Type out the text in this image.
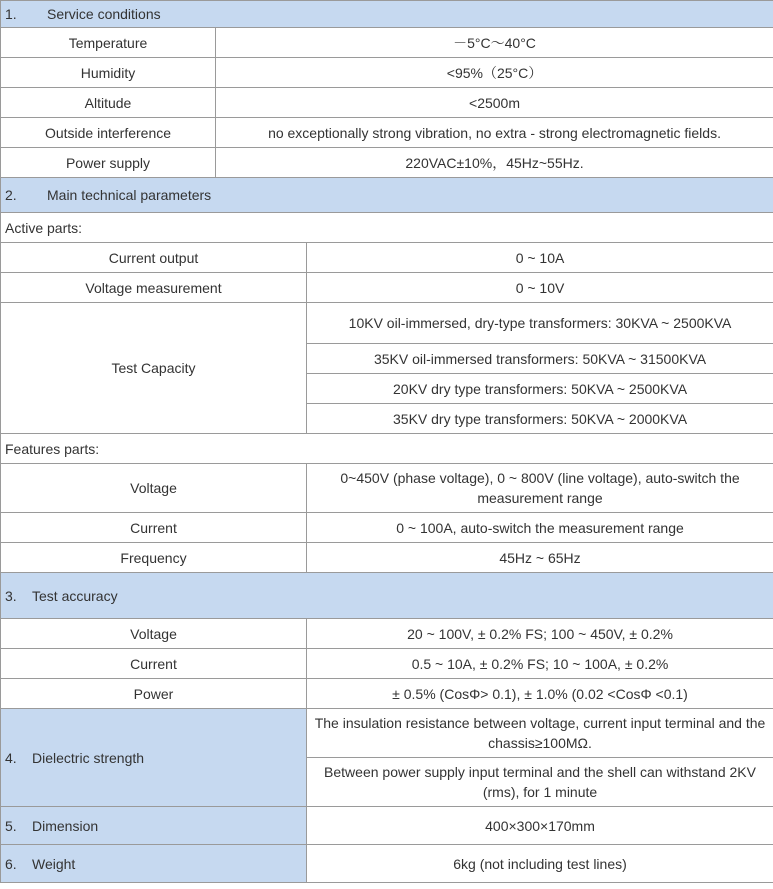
1. Service conditions		
Temperature	－5°C～40°C	
Humidity	<95%（25°C）	
Altitude	<2500m	
Outside interference	no exceptionally strong vibration, no extra - strong electromagnetic fields.	
Power supply	220VAC±10%，45Hz~55Hz.	
2. Main technical parameters		
Active parts:		
Current output		0 ~ 10A
Voltage measurement		0 ~ 10V
Test Capacity		10KV oil-immersed, dry-type transformers: 30KVA ~ 2500KVA
		35KV oil-immersed transformers: 50KVA ~ 31500KVA
		20KV dry type transformers: 50KVA ~ 2500KVA
		35KV dry type transformers: 50KVA ~ 2000KVA
Features parts:		
Voltage		0~450V (phase voltage), 0 ~ 800V (line voltage), auto-switch the measurement range
Current		0 ~ 100A, auto-switch the measurement range
Frequency		45Hz ~ 65Hz
3. Test accuracy		
Voltage		20 ~ 100V, ± 0.2% FS; 100 ~ 450V, ± 0.2%
Current		0.5 ~ 10A, ± 0.2% FS; 10 ~ 100A, ± 0.2%
Power		± 0.5% (CosΦ> 0.1), ± 1.0% (0.02 <CosΦ <0.1)
4. Dielectric strength		The insulation resistance between voltage, current input terminal and the chassis≥100MΩ.
		Between power supply input terminal and the shell can withstand 2KV (rms), for 1 minute
5. Dimension		400×300×170mm
6. Weight		6kg (not including test lines)
